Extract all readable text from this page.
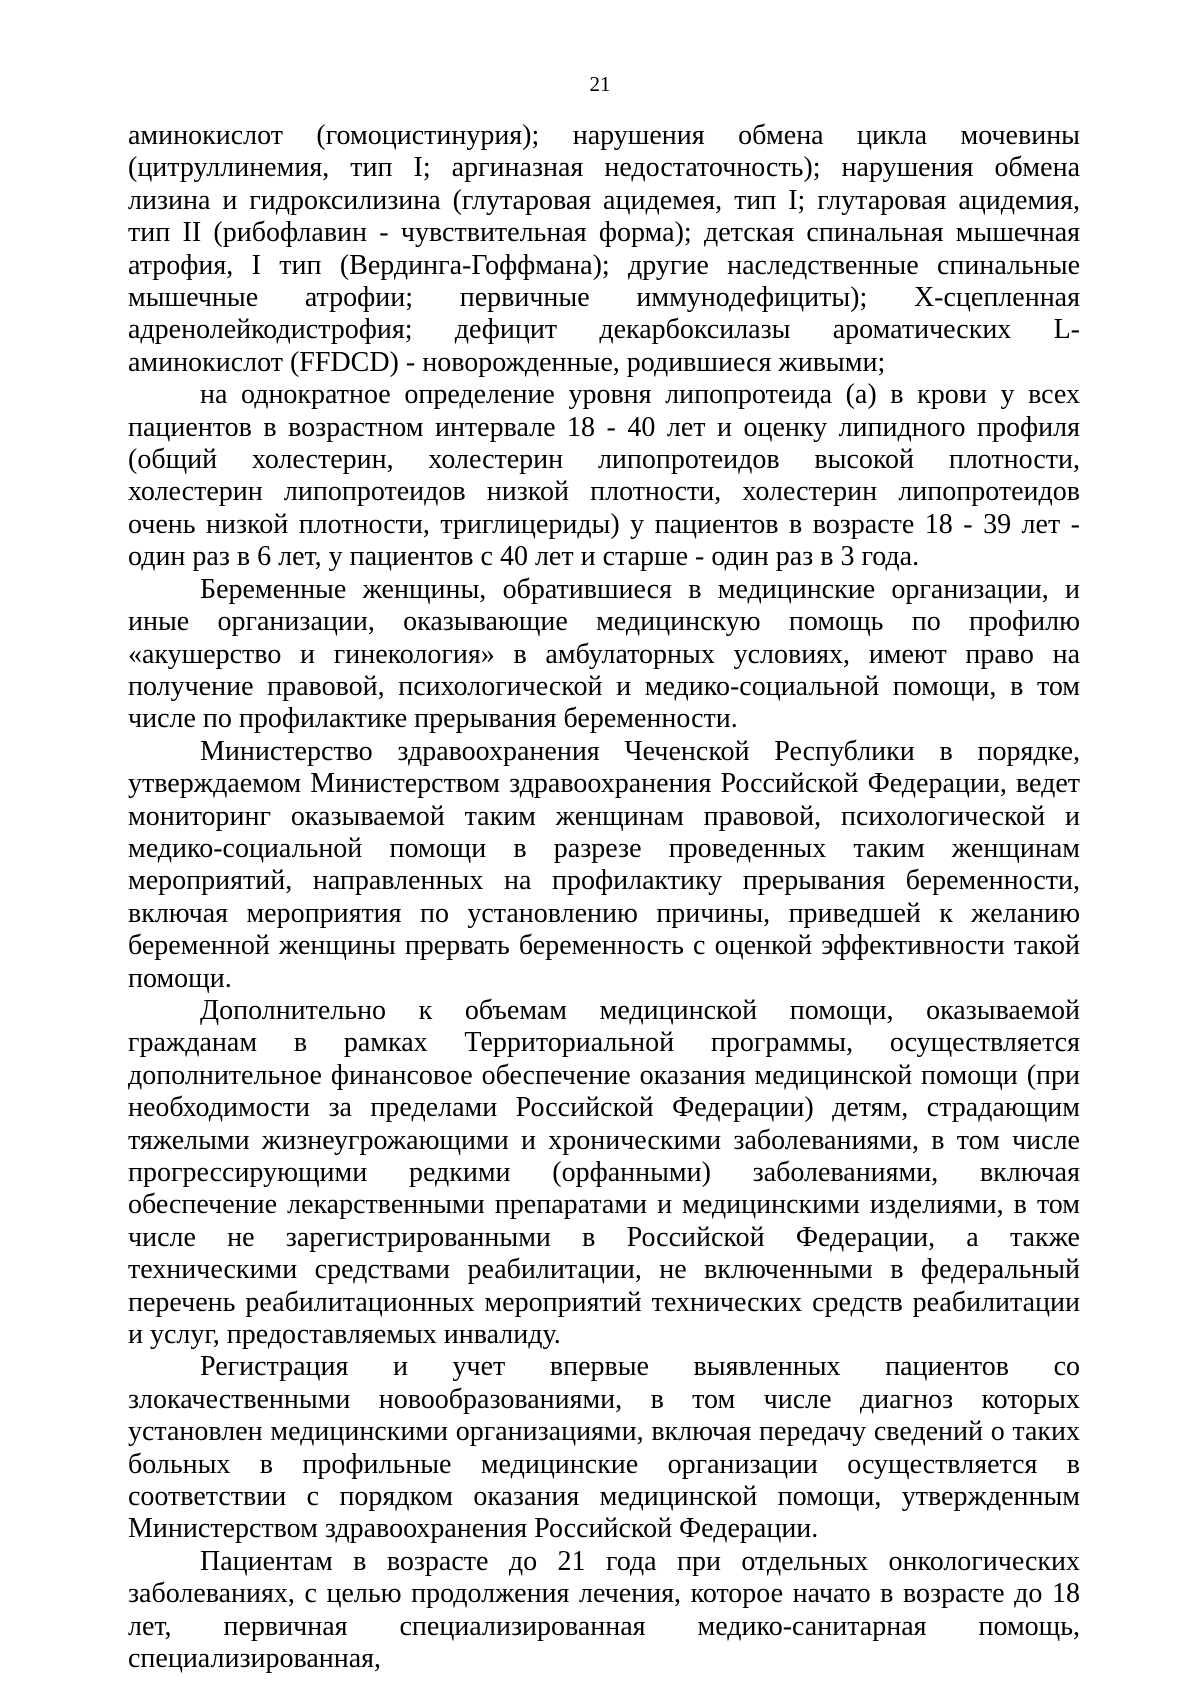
21

аминокислот (гомоцистинурия); нарушения обмена цикла мочевины (цитруллинемия, тип I; аргиназная недостаточность); нарушения обмена лизина и гидроксилизина (глутаровая ацидемея, тип I; глутаровая ацидемия, тип II (рибофлавин - чувствительная форма); детская спинальная мышечная атрофия, I тип (Вердинга-Гоффмана); другие наследственные спинальные мышечные атрофии; первичные иммунодефициты); X-сцепленная адренолейкодистрофия; дефицит декарбоксилазы ароматических L-аминокислот (FFDCD) - новорожденные, родившиеся живыми;

на однократное определение уровня липопротеида (а) в крови у всех пациентов в возрастном интервале 18 - 40 лет и оценку липидного профиля (общий холестерин, холестерин липопротеидов высокой плотности, холестерин липопротеидов низкой плотности, холестерин липопротеидов очень низкой плотности, триглицериды) у пациентов в возрасте 18 - 39 лет - один раз в 6 лет, у пациентов с 40 лет и старше - один раз в 3 года.

Беременные женщины, обратившиеся в медицинские организации, и иные организации, оказывающие медицинскую помощь по профилю «акушерство и гинекология» в амбулаторных условиях, имеют право на получение правовой, психологической и медико-социальной помощи, в том числе по профилактике прерывания беременности.

Министерство здравоохранения Чеченской Республики в порядке, утверждаемом Министерством здравоохранения Российской Федерации, ведет мониторинг оказываемой таким женщинам правовой, психологической и медико-социальной помощи в разрезе проведенных таким женщинам мероприятий, направленных на профилактику прерывания беременности, включая мероприятия по установлению причины, приведшей к желанию беременной женщины прервать беременность с оценкой эффективности такой помощи.

Дополнительно к объемам медицинской помощи, оказываемой гражданам в рамках Территориальной программы, осуществляется дополнительное финансовое обеспечение оказания медицинской помощи (при необходимости за пределами Российской Федерации) детям, страдающим тяжелыми жизнеугрожающими и хроническими заболеваниями, в том числе прогрессирующими редкими (орфанными) заболеваниями, включая обеспечение лекарственными препаратами и медицинскими изделиями, в том числе не зарегистрированными в Российской Федерации, а также техническими средствами реабилитации, не включенными в федеральный перечень реабилитационных мероприятий технических средств реабилитации и услуг, предоставляемых инвалиду.

Регистрация и учет впервые выявленных пациентов со злокачественными новообразованиями, в том числе диагноз которых установлен медицинскими организациями, включая передачу сведений о таких больных в профильные медицинские организации осуществляется в соответствии с порядком оказания медицинской помощи, утвержденным Министерством здравоохранения Российской Федерации.

Пациентам в возрасте до 21 года при отдельных онкологических заболеваниях, с целью продолжения лечения, которое начато в возрасте до 18 лет, первичная специализированная медико-санитарная помощь, специализированная,
